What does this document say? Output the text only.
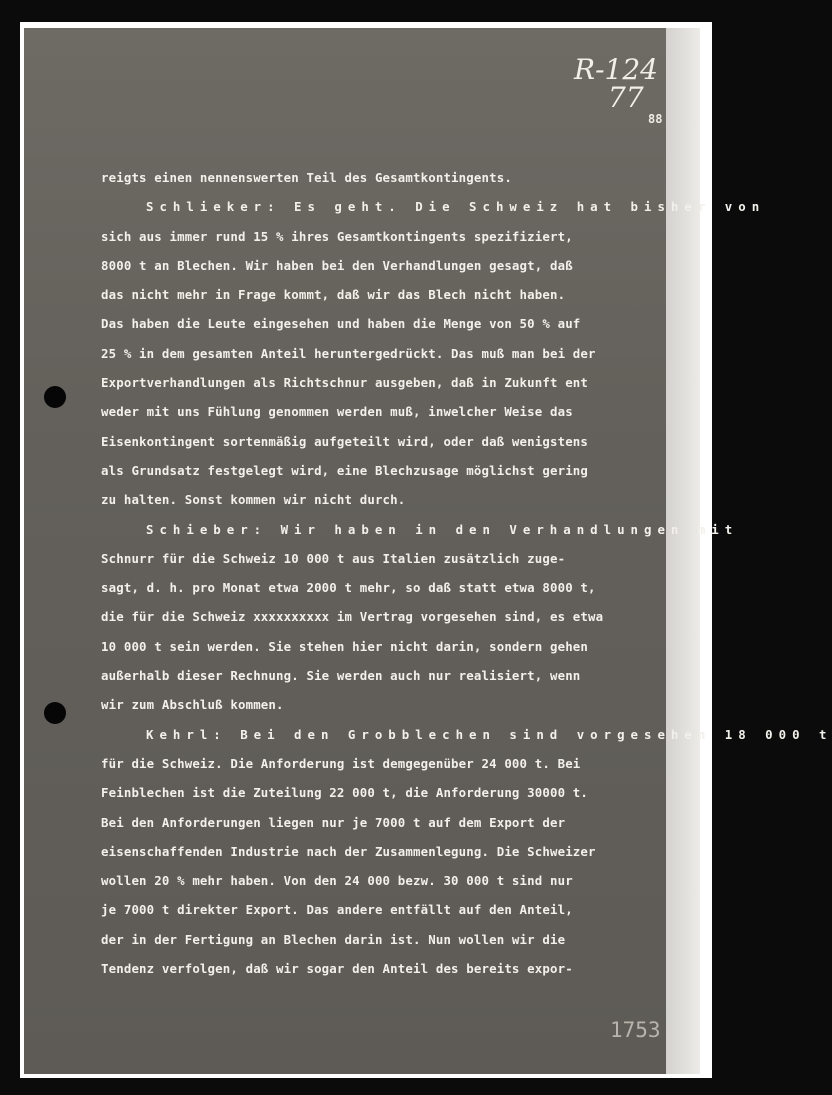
R-124
77
88
reigts einen nennenswerten Teil des Gesamtkontingents.
Schlieker: Es geht. Die Schweiz hat bisher von
sich aus immer rund 15 % ihres Gesamtkontingents spezifiziert,
8000 t an Blechen. Wir haben bei den Verhandlungen gesagt, daß
das nicht mehr in Frage kommt, daß wir das Blech nicht haben.
Das haben die Leute eingesehen und haben die Menge von 50 % auf
25 % in dem gesamten Anteil heruntergedrückt. Das muß man bei der
Exportverhandlungen als Richtschnur ausgeben, daß in Zukunft ent
weder mit uns Fühlung genommen werden muß, inwelcher Weise das
Eisenkontingent sortenmäßig aufgeteilt wird, oder daß wenigstens
als Grundsatz festgelegt wird, eine Blechzusage möglichst gering
zu halten. Sonst kommen wir nicht durch.
Schieber: Wir haben in den Verhandlungen mit
Schnurr für die Schweiz 10 000 t aus Italien zusätzlich zuge-
sagt, d. h. pro Monat etwa 2000 t mehr, so daß statt etwa 8000 t,
die für die Schweiz xxxxxxxxxx im Vertrag vorgesehen sind, es etwa
10 000 t sein werden. Sie stehen hier nicht darin, sondern gehen
außerhalb dieser Rechnung. Sie werden auch nur realisiert, wenn
wir zum Abschluß kommen.
Kehrl: Bei den Grobblechen sind vorgesehen 18 000 t
für die Schweiz. Die Anforderung ist demgegenüber 24 000 t. Bei
Feinblechen ist die Zuteilung 22 000 t, die Anforderung 30000 t.
Bei den Anforderungen liegen nur je 7000 t auf dem Export der
eisenschaffenden Industrie nach der Zusammenlegung. Die Schweizer
wollen 20 % mehr haben. Von den 24 000 bezw. 30 000 t sind nur
je 7000 t direkter Export. Das andere entfällt auf den Anteil,
der in der Fertigung an Blechen darin ist. Nun wollen wir die
Tendenz verfolgen, daß wir sogar den Anteil des bereits expor-
1753
